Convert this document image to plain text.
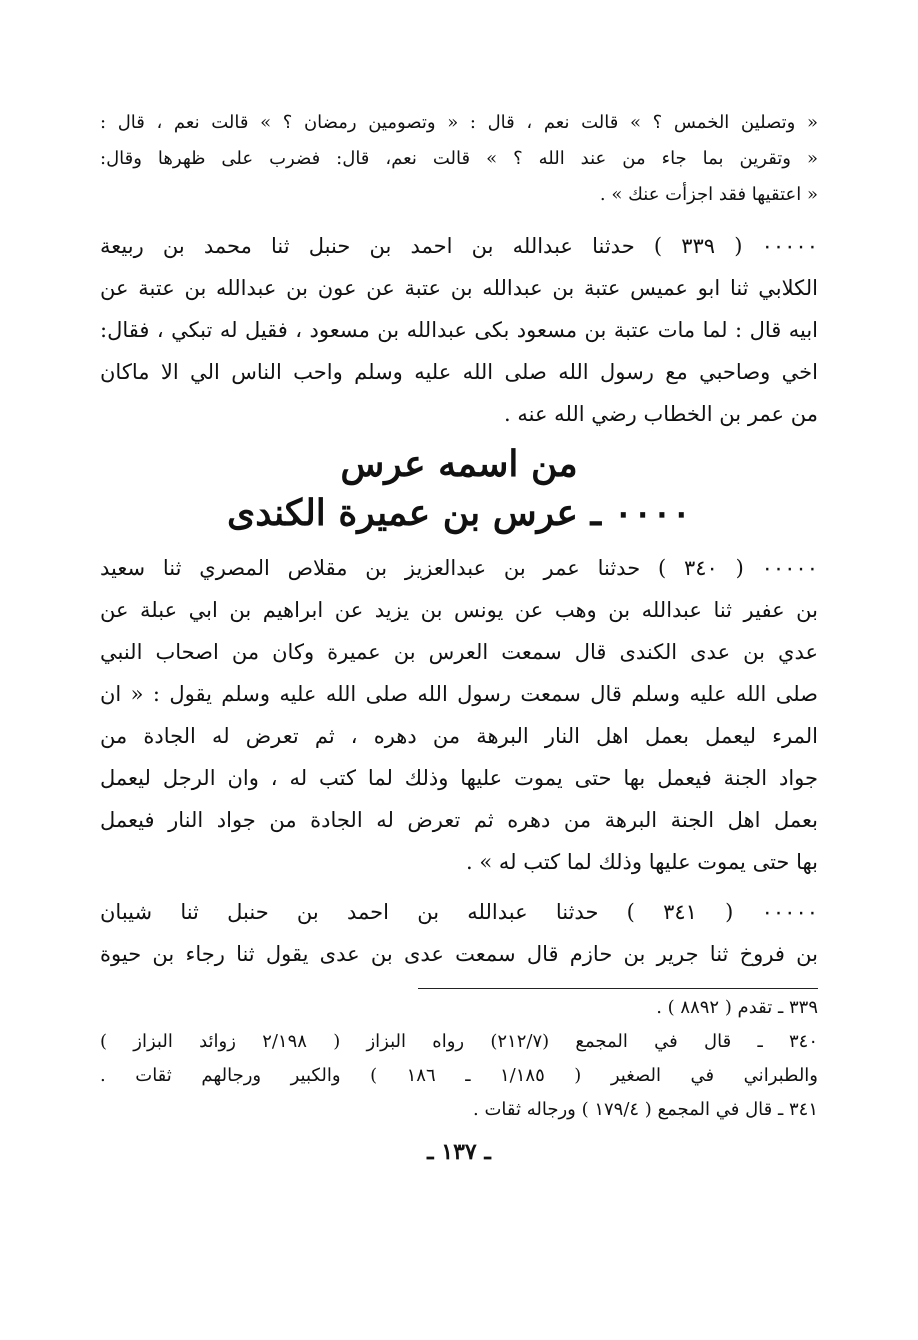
« وتصلين الخمس ؟ » قالت نعم ، قال : « وتصومين رمضان ؟ » قالت نعم ، قال :
« وتقرين بما جاء من عند الله ؟ » قالت نعم، قال: فضرب على ظهرها وقال:
« اعتقيها فقد اجزأت عنك » .
٠٠٠٠٠ ( ٣٣٩ ) حدثنا عبدالله بن احمد بن حنبل ثنا محمد بن ربيعة
الكلابي ثنا ابو عميس عتبة بن عبدالله بن عتبة عن عون بن عبدالله بن عتبة عن
ابيه قال : لما مات عتبة بن مسعود بكى عبدالله بن مسعود ، فقيل له تبكي ، فقال:
اخي وصاحبي مع رسول الله صلى الله عليه وسلم واحب الناس الي الا ماكان
من عمر بن الخطاب رضي الله عنه .
من اسمه عرس
٠٠٠٠ ـ عرس بن عميرة الكندى
٠٠٠٠٠ ( ٣٤٠ ) حدثنا عمر بن عبدالعزيز بن مقلاص المصري ثنا سعيد
بن عفير ثنا عبدالله بن وهب عن يونس بن يزيد عن ابراهيم بن ابي عبلة عن
عدي بن عدى الكندى قال سمعت العرس بن عميرة وكان من اصحاب النبي
صلى الله عليه وسلم قال سمعت رسول الله صلى الله عليه وسلم يقول : « ان
المرء ليعمل بعمل اهل النار البرهة من دهره ، ثم تعرض له الجادة من
جواد الجنة فيعمل بها حتى يموت عليها وذلك لما كتب له ، وان الرجل ليعمل
بعمل اهل الجنة البرهة من دهره ثم تعرض له الجادة من جواد النار فيعمل
بها حتى يموت عليها وذلك لما كتب له » .
٠٠٠٠٠ ( ٣٤١ ) حدثنا عبدالله بن احمد بن حنبل ثنا شيبان
بن فروخ ثنا جرير بن حازم قال سمعت عدى بن عدى يقول ثنا رجاء بن حيوة
٣٣٩ ـ تقدم ( ٨٨٩٢ ) .
٣٤٠ ـ قال في المجمع (٢١٢/٧) رواه البزاز ( ٢/١٩٨ زوائد البزاز )
والطبراني في الصغير ( ١/١٨٥ ـ ١٨٦ ) والكبير ورجالهم ثقات .
٣٤١ ـ قال في المجمع ( ١٧٩/٤ ) ورجاله ثقات .
ـ ١٣٧ ـ
